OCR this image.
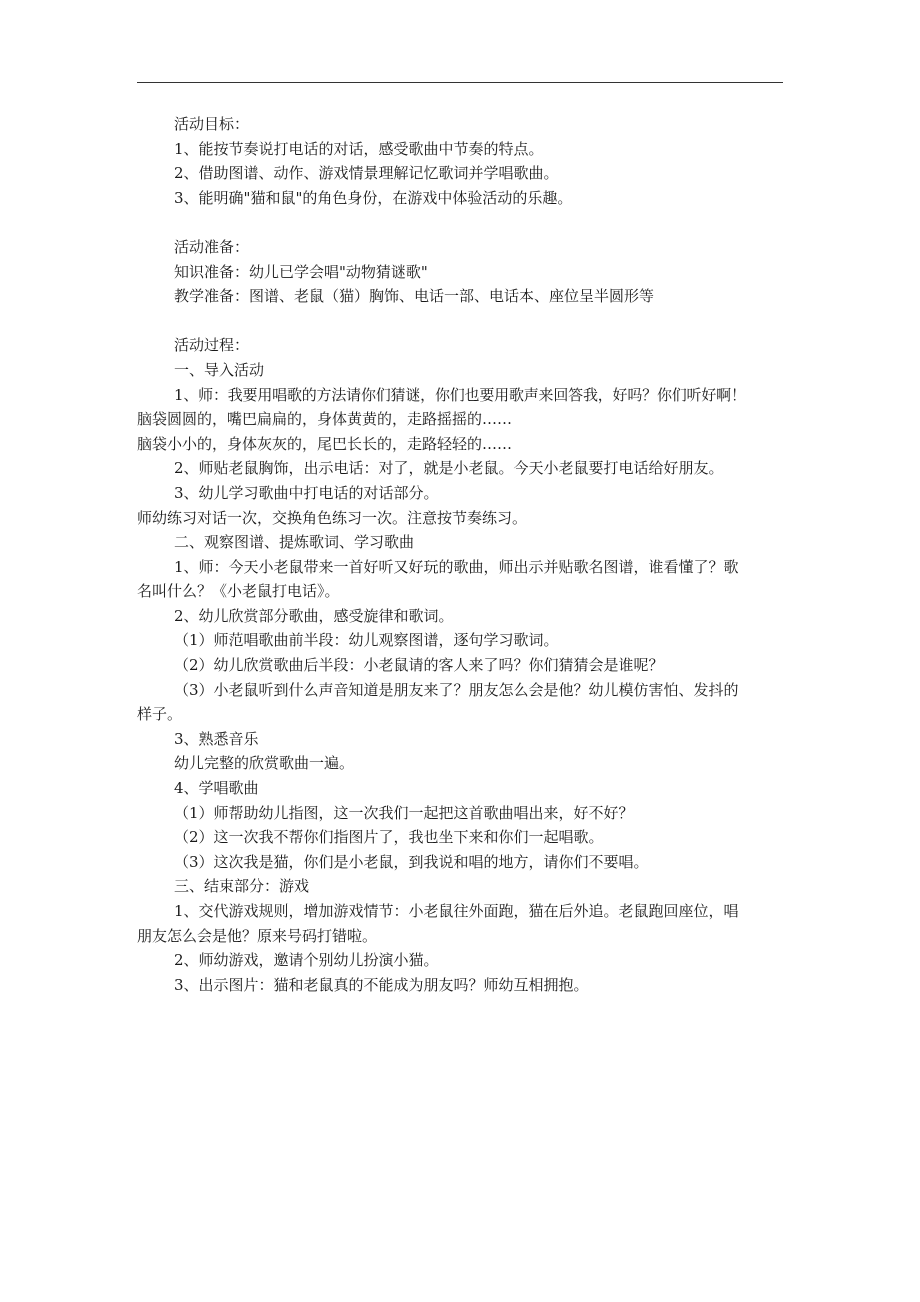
活动目标：
1、能按节奏说打电话的对话，感受歌曲中节奏的特点。
2、借助图谱、动作、游戏情景理解记忆歌词并学唱歌曲。
3、能明确"猫和鼠"的角色身份，在游戏中体验活动的乐趣。
活动准备：
知识准备：幼儿已学会唱"动物猜谜歌"
教学准备：图谱、老鼠（猫）胸饰、电话一部、电话本、座位呈半圆形等
活动过程：
一、导入活动
1、师：我要用唱歌的方法请你们猜谜，你们也要用歌声来回答我，好吗？你们听好啊！
脑袋圆圆的，嘴巴扁扁的，身体黄黄的，走路摇摇的……
脑袋小小的，身体灰灰的，尾巴长长的，走路轻轻的……
2、师贴老鼠胸饰，出示电话：对了，就是小老鼠。今天小老鼠要打电话给好朋友。
3、幼儿学习歌曲中打电话的对话部分。
师幼练习对话一次，交换角色练习一次。注意按节奏练习。
二、观察图谱、提炼歌词、学习歌曲
1、师：今天小老鼠带来一首好听又好玩的歌曲，师出示并贴歌名图谱，谁看懂了？歌
名叫什么？《小老鼠打电话》。
2、幼儿欣赏部分歌曲，感受旋律和歌词。
（1）师范唱歌曲前半段：幼儿观察图谱，逐句学习歌词。
（2）幼儿欣赏歌曲后半段：小老鼠请的客人来了吗？你们猜猜会是谁呢？
（3）小老鼠听到什么声音知道是朋友来了？朋友怎么会是他？幼儿模仿害怕、发抖的
样子。
3、熟悉音乐
幼儿完整的欣赏歌曲一遍。
4、学唱歌曲
（1）师帮助幼儿指图，这一次我们一起把这首歌曲唱出来，好不好？
（2）这一次我不帮你们指图片了，我也坐下来和你们一起唱歌。
（3）这次我是猫，你们是小老鼠，到我说和唱的地方，请你们不要唱。
三、结束部分：游戏
1、交代游戏规则，增加游戏情节：小老鼠往外面跑，猫在后外追。老鼠跑回座位，唱
朋友怎么会是他？原来号码打错啦。
2、师幼游戏，邀请个别幼儿扮演小猫。
3、出示图片：猫和老鼠真的不能成为朋友吗？师幼互相拥抱。
